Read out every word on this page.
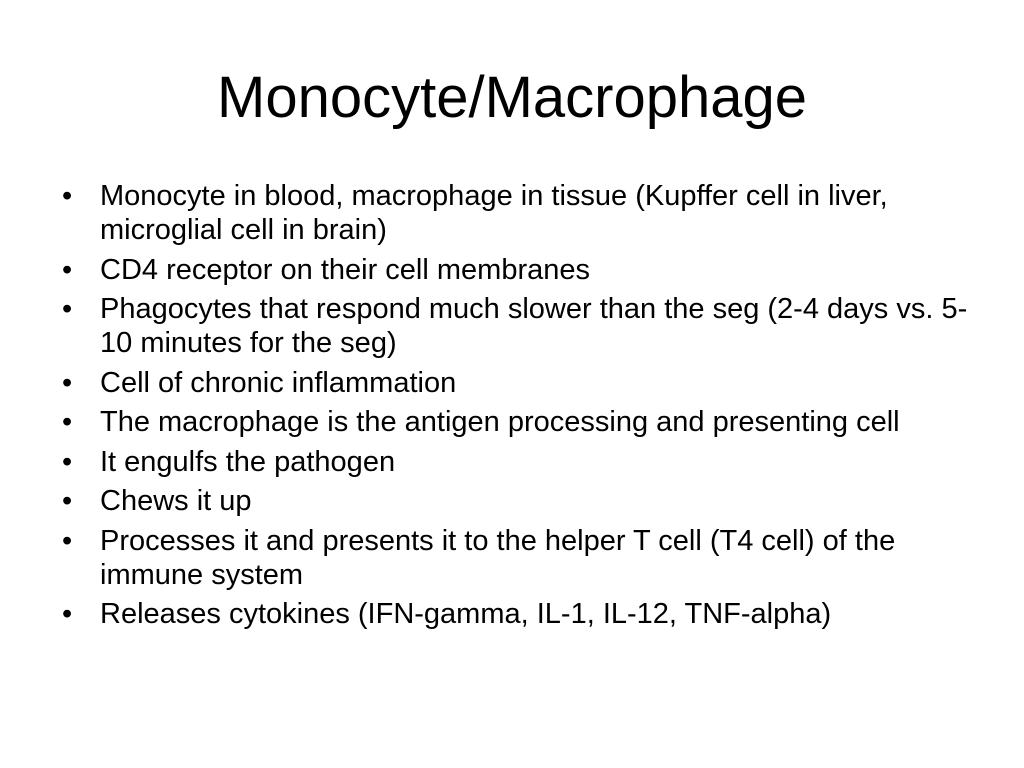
Monocyte/Macrophage
• Monocyte in blood, macrophage in tissue (Kupffer cell in liver, microglial cell in brain)
• CD4 receptor on their cell membranes
• Phagocytes that respond much slower than the seg (2-4 days vs. 5-10 minutes for the seg)
• Cell of chronic inflammation
• The macrophage is the antigen processing and presenting cell
• It engulfs the pathogen
• Chews it up
• Processes it and presents it to the helper T cell (T4 cell) of the immune system
• Releases cytokines (IFN-gamma, IL-1, IL-12, TNF-alpha)
